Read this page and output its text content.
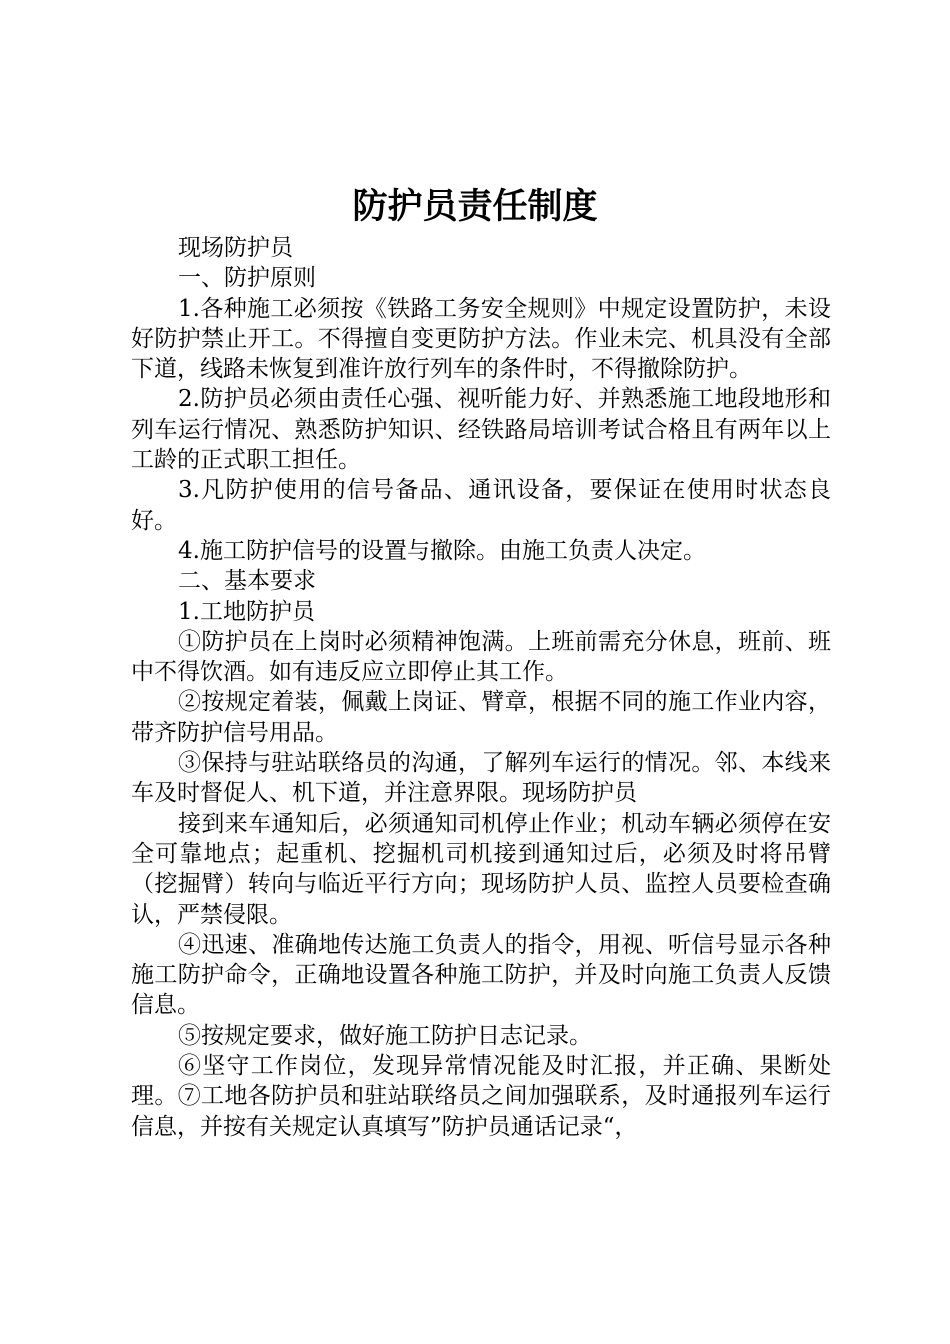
防护员责任制度

现场防护员

一、防护原则

1.各种施工必须按《铁路工务安全规则》中规定设置防护，未设好防护禁止开工。不得擅自变更防护方法。作业未完、机具没有全部下道，线路未恢复到准许放行列车的条件时，不得撤除防护。

2.防护员必须由责任心强、视听能力好、并熟悉施工地段地形和列车运行情况、熟悉防护知识、经铁路局培训考试合格且有两年以上工龄的正式职工担任。

3.凡防护使用的信号备品、通讯设备，要保证在使用时状态良好。

4.施工防护信号的设置与撤除。由施工负责人决定。

二、基本要求

1.工地防护员

①防护员在上岗时必须精神饱满。上班前需充分休息，班前、班中不得饮酒。如有违反应立即停止其工作。

②按规定着装，佩戴上岗证、臂章，根据不同的施工作业内容，带齐防护信号用品。

③保持与驻站联络员的沟通，了解列车运行的情况。邻、本线来车及时督促人、机下道，并注意界限。现场防护员

接到来车通知后，必须通知司机停止作业；机动车辆必须停在安全可靠地点；起重机、挖掘机司机接到通知过后，必须及时将吊臂（挖掘臂）转向与临近平行方向；现场防护人员、监控人员要检查确认，严禁侵限。

④迅速、准确地传达施工负责人的指令，用视、听信号显示各种施工防护命令，正确地设置各种施工防护，并及时向施工负责人反馈信息。

⑤按规定要求，做好施工防护日志记录。

⑥坚守工作岗位，发现异常情况能及时汇报，并正确、果断处理。⑦工地各防护员和驻站联络员之间加强联系，及时通报列车运行信息，并按有关规定认真填写”防护员通话记录“，
